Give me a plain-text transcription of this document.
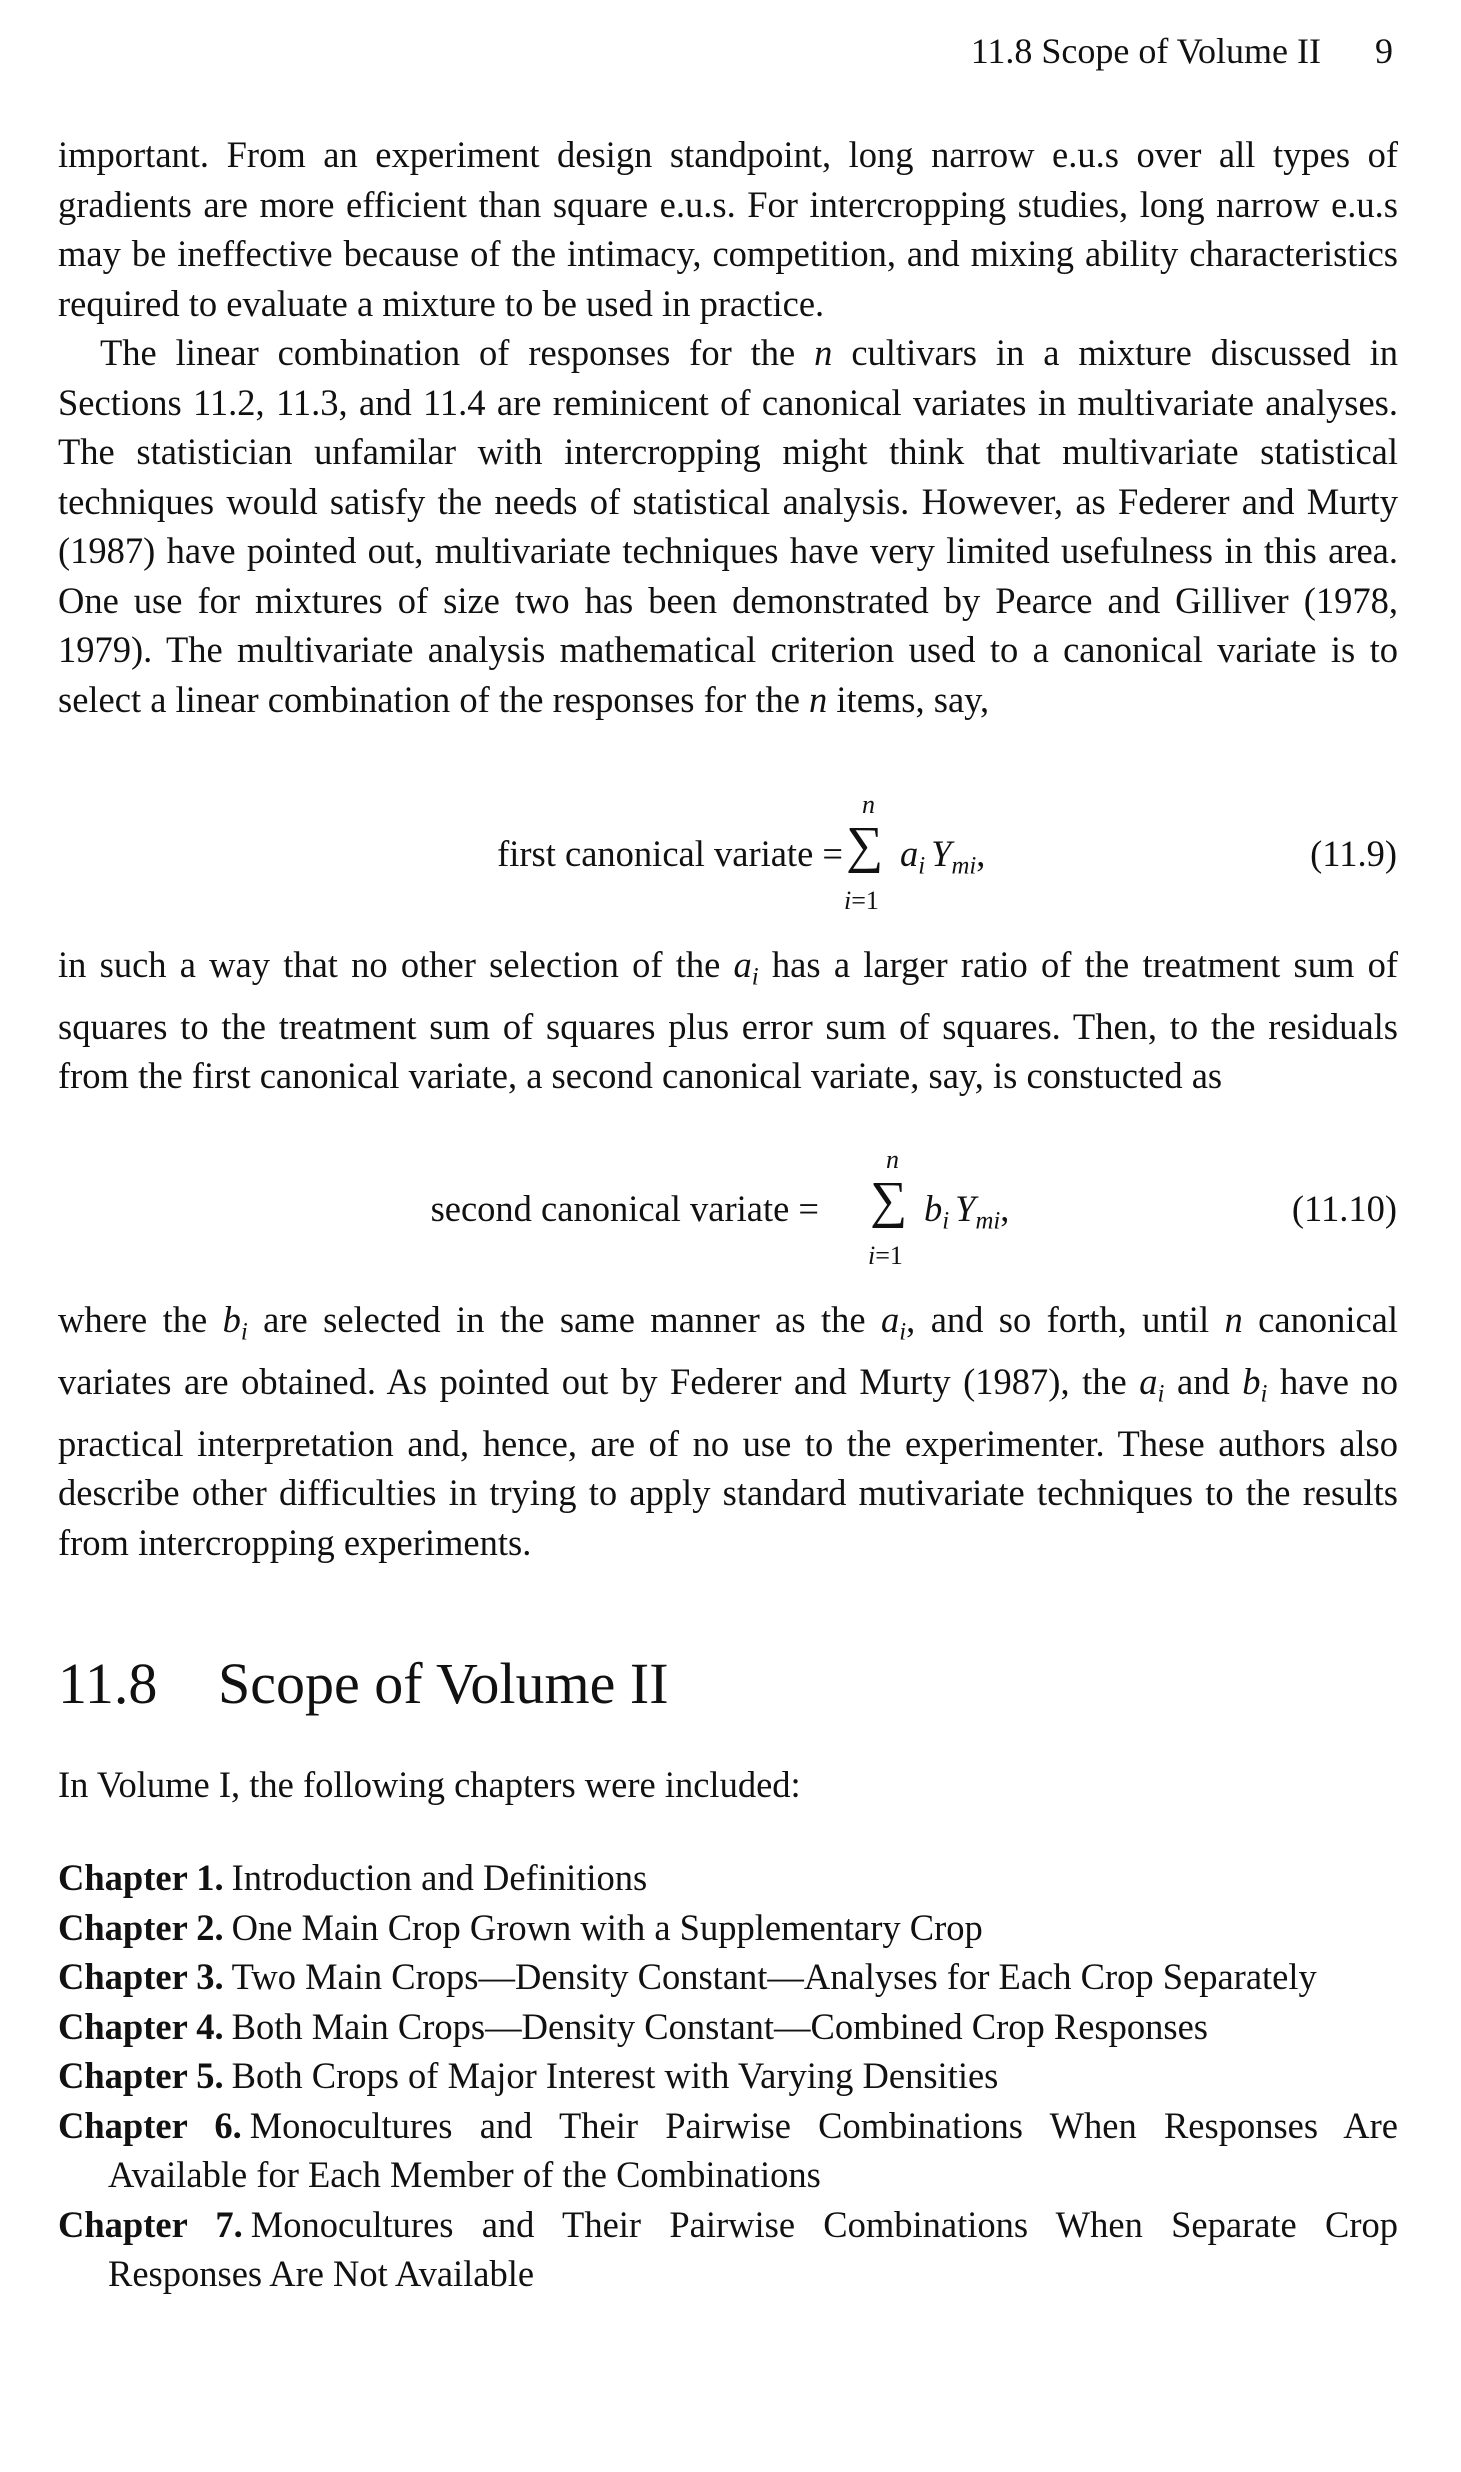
11.8 Scope of Volume II 9

important. From an experiment design standpoint, long narrow e.u.s over all types of gradients are more efficient than square e.u.s. For intercropping studies, long narrow e.u.s may be ineffective because of the intimacy, competition, and mixing ability characteristics required to evaluate a mixture to be used in practice.

The linear combination of responses for the n cultivars in a mixture discussed in Sections 11.2, 11.3, and 11.4 are reminicent of canonical variates in multivariate analyses. The statistician unfamilar with intercropping might think that multivariate statistical techniques would satisfy the needs of statistical analysis. However, as Federer and Murty (1987) have pointed out, multivariate techniques have very limited usefulness in this area. One use for mixtures of size two has been demonstrated by Pearce and Gilliver (1978, 1979). The multivariate analysis mathematical criterion used to a canonical variate is to select a linear combination of the responses for the n items, say,

first canonical variate =
n
∑
i=1
$a_i$ $Y_{mi}$,	(11.9)

in such a way that no other selection of the $a_i$ has a larger ratio of the treatment sum of squares to the treatment sum of squares plus error sum of squares. Then, to the residuals from the first canonical variate, a second canonical variate, say, is constucted as

second canonical variate =
n
∑
i=1
$b_i$ $Y_{mi}$,	(11.10)

where the $b_i$ are selected in the same manner as the $a_i$, and so forth, until n canonical variates are obtained. As pointed out by Federer and Murty (1987), the $a_i$ and $b_i$ have no practical interpretation and, hence, are of no use to the experimenter. These authors also describe other difficulties in trying to apply standard mutivariate techniques to the results from intercropping experiments.

11.8 Scope of Volume II

In Volume I, the following chapters were included:

Chapter 1. Introduction and Definitions

Chapter 2. One Main Crop Grown with a Supplementary Crop

Chapter 3. Two Main Crops—Density Constant—Analyses for Each Crop Separately

Chapter 4. Both Main Crops—Density Constant—Combined Crop Responses

Chapter 5. Both Crops of Major Interest with Varying Densities

Chapter 6. Monocultures and Their Pairwise Combinations When Responses Are Available for Each Member of the Combinations

Chapter 7. Monocultures and Their Pairwise Combinations When Separate Crop Responses Are Not Available
